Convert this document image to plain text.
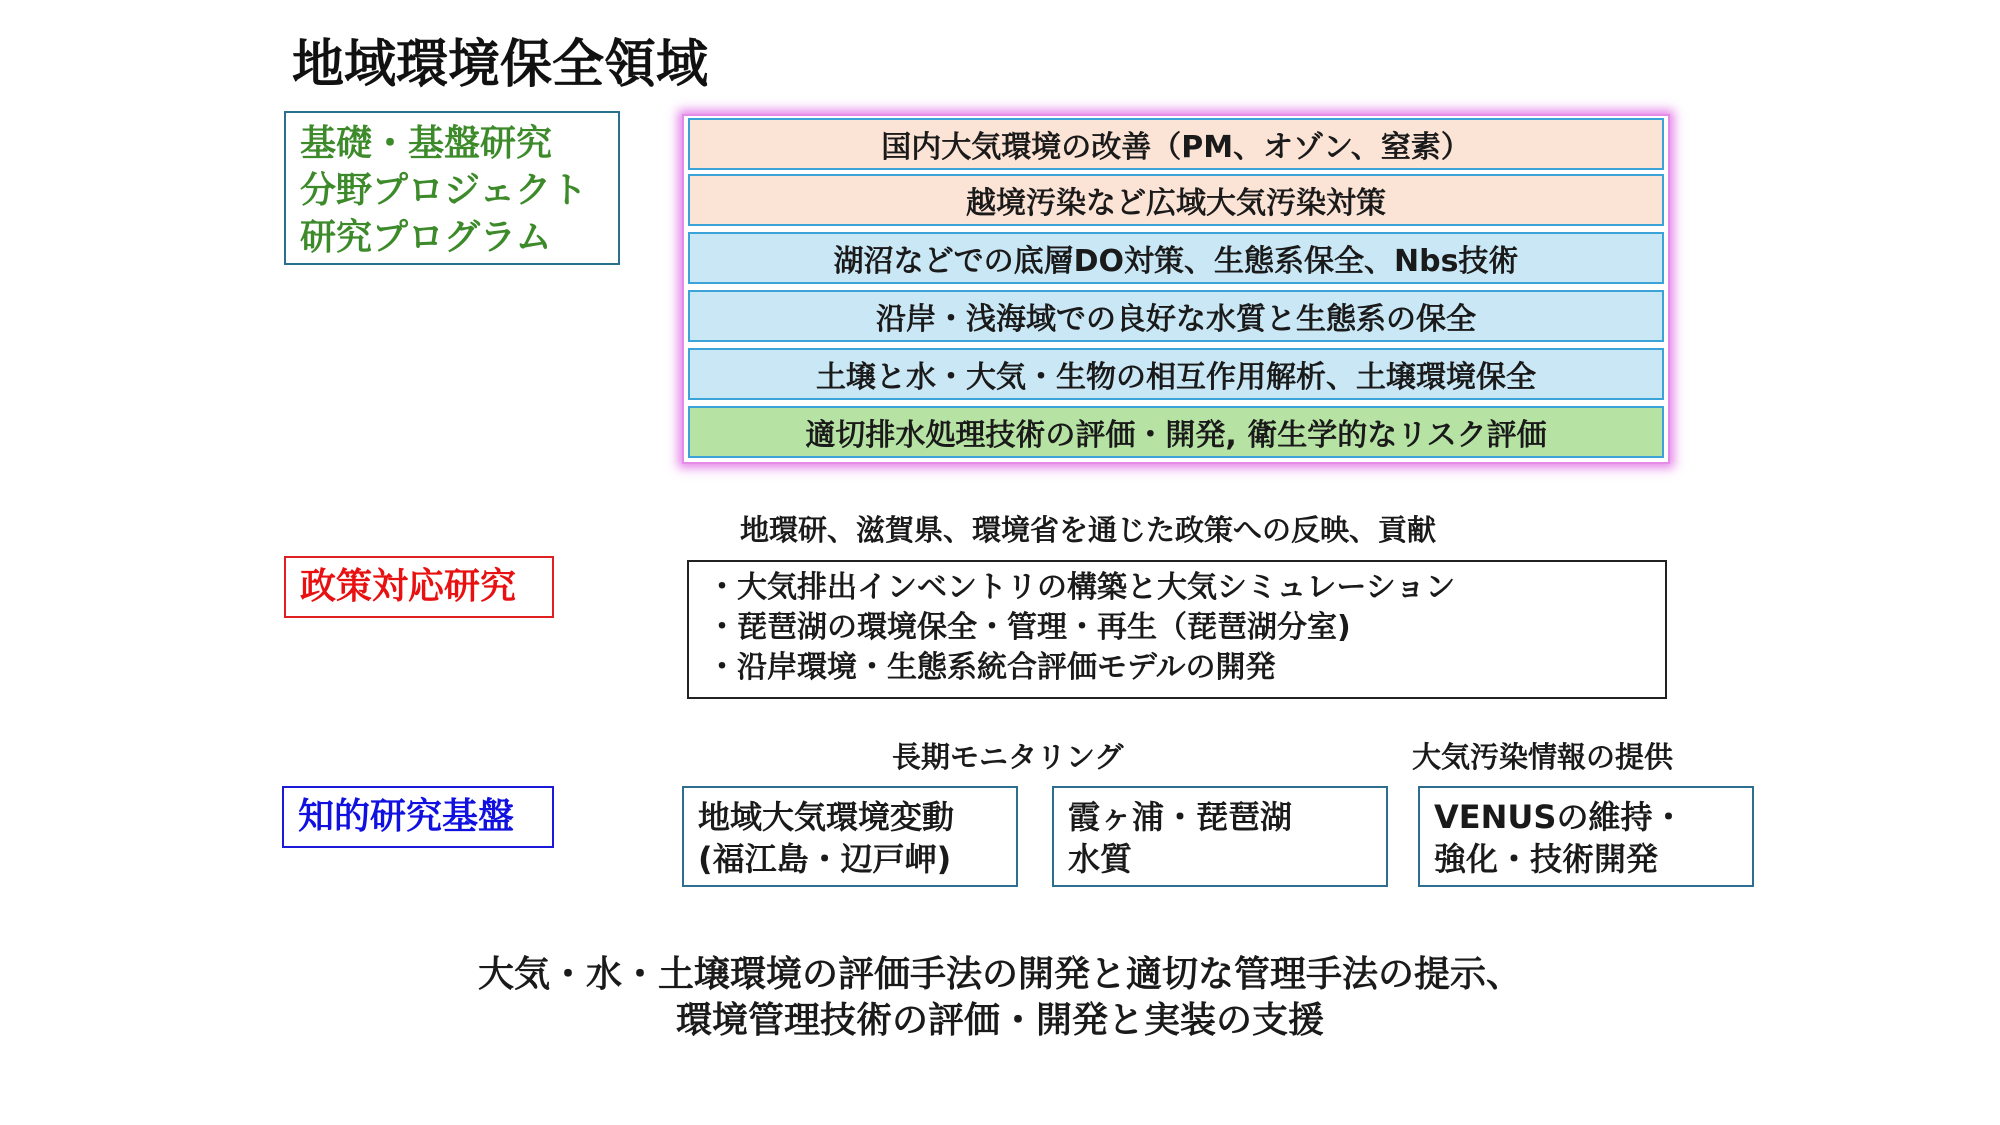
地域環境保全領域
基礎・基盤研究
分野プロジェクト
研究プログラム
国内大気環境の改善（PM、オゾン、窒素）
越境汚染など広域大気汚染対策
湖沼などでの底層DO対策、生態系保全、Nbs技術
沿岸・浅海域での良好な水質と生態系の保全
土壌と水・大気・生物の相互作用解析、土壌環境保全
適切排水処理技術の評価・開発, 衛生学的なリスク評価
地環研、滋賀県、環境省を通じた政策への反映、貢献
政策対応研究	・大気排出インベントリの構築と大気シミュレーション
・琵琶湖の環境保全・管理・再生（琵琶湖分室)
・沿岸環境・生態系統合評価モデルの開発
長期モニタリング	大気汚染情報の提供
知的研究基盤	地域大気環境変動
(福江島・辺戸岬)
霞ヶ浦・琵琶湖
水質
VENUSの維持・
強化・技術開発
大気・水・土壌環境の評価手法の開発と適切な管理手法の提示、
環境管理技術の評価・開発と実装の支援
